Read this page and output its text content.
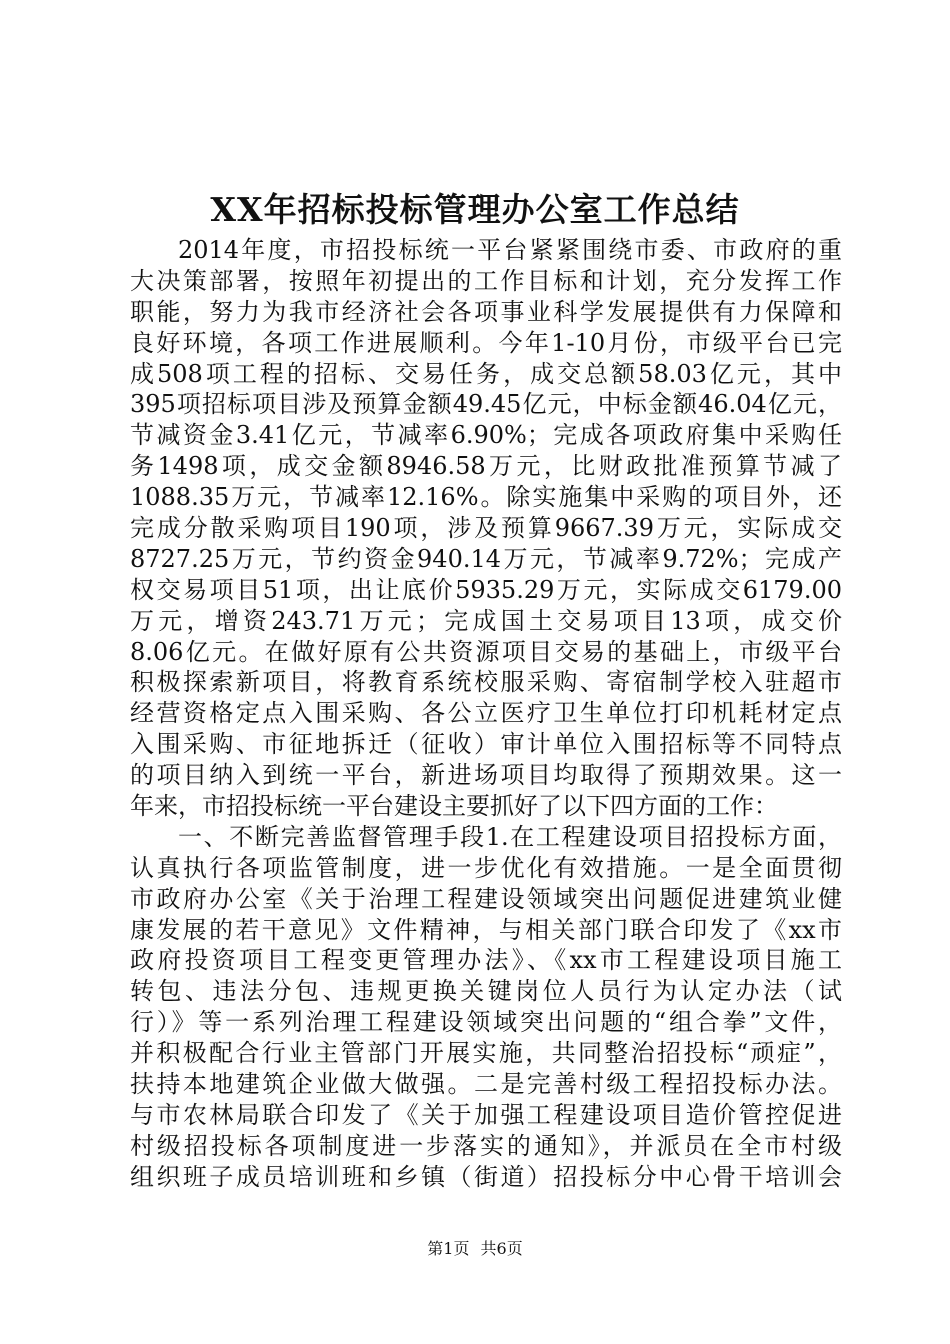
XX年招标投标管理办公室工作总结
2014年度，市招投标统一平台紧紧围绕市委、市政府的重
大决策部署，按照年初提出的工作目标和计划，充分发挥工作
职能，努力为我市经济社会各项事业科学发展提供有力保障和
良好环境，各项工作进展顺利。今年1-10月份，市级平台已完
成508项工程的招标、交易任务，成交总额58.03亿元，其中
395项招标项目涉及预算金额49.45亿元，中标金额46.04亿元，
节减资金3.41亿元，节减率6.90%；完成各项政府集中采购任
务1498项，成交金额8946.58万元，比财政批准预算节减了
1088.35万元，节减率12.16%。除实施集中采购的项目外，还
完成分散采购项目190项，涉及预算9667.39万元，实际成交
8727.25万元，节约资金940.14万元，节减率9.72%；完成产
权交易项目51项，出让底价5935.29万元，实际成交6179.00
万元，增资243.71万元；完成国土交易项目13项，成交价
8.06亿元。在做好原有公共资源项目交易的基础上，市级平台
积极探索新项目，将教育系统校服采购、寄宿制学校入驻超市
经营资格定点入围采购、各公立医疗卫生单位打印机耗材定点
入围采购、市征地拆迁（征收）审计单位入围招标等不同特点
的项目纳入到统一平台，新进场项目均取得了预期效果。这一
年来，市招投标统一平台建设主要抓好了以下四方面的工作：
一、不断完善监督管理手段1.在工程建设项目招投标方面，
认真执行各项监管制度，进一步优化有效措施。一是全面贯彻
市政府办公室《关于治理工程建设领域突出问题促进建筑业健
康发展的若干意见》文件精神，与相关部门联合印发了《xx市
政府投资项目工程变更管理办法》、《xx市工程建设项目施工
转包、违法分包、违规更换关键岗位人员行为认定办法（试
行）》等一系列治理工程建设领域突出问题的“组合拳”文件，
并积极配合行业主管部门开展实施，共同整治招投标“顽症”，
扶持本地建筑企业做大做强。二是完善村级工程招投标办法。
与市农林局联合印发了《关于加强工程建设项目造价管控促进
村级招投标各项制度进一步落实的通知》，并派员在全市村级
组织班子成员培训班和乡镇（街道）招投标分中心骨干培训会
第1页 共6页
